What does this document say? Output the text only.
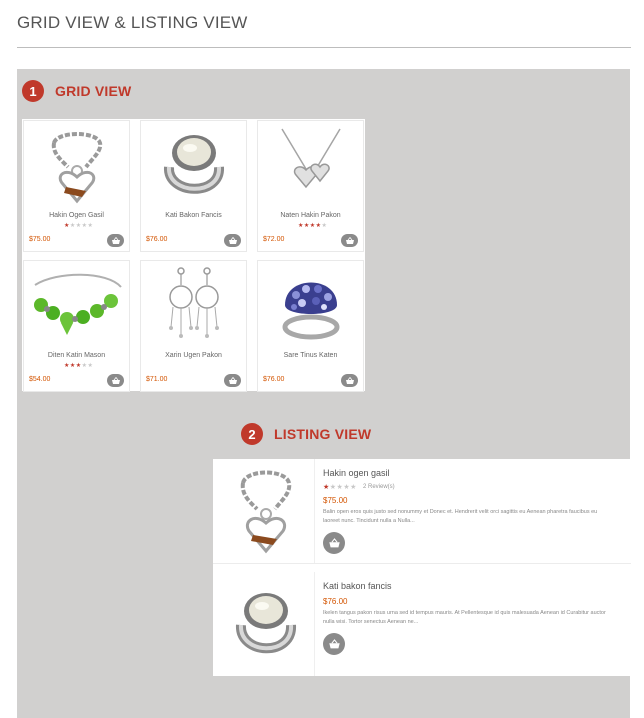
GRID VIEW & LISTING VIEW
1	GRID VIEW
Hakin Ogen Gasil
★★★★★
$75.00
Kati Bakon Fancis
$76.00
Naten Hakin Pakon
★★★★★
$72.00
Diten Katin Mason
★★★★★
$54.00
Xarin Ugen Pakon
$71.00
Sare Tinus Katen
$76.00
2	LISTING VIEW
Hakin ogen gasil
★★★★★ 2 Review(s)
$75.00
Balin open eros quis justo sed nonummy et Donec et. Hendrerit velit orci sagittis eu Aenean pharetra faucibus eu laoreet nunc. Tincidunt nulla a Nulla...
Kati bakon fancis
$76.00
Ikelen tangus pakon risus urna sed id tempus mauris. At Pellentesque id quis malesuada Aenean id Curabitur auctor nulla wisi. Tortor senectus Aenean ne...
